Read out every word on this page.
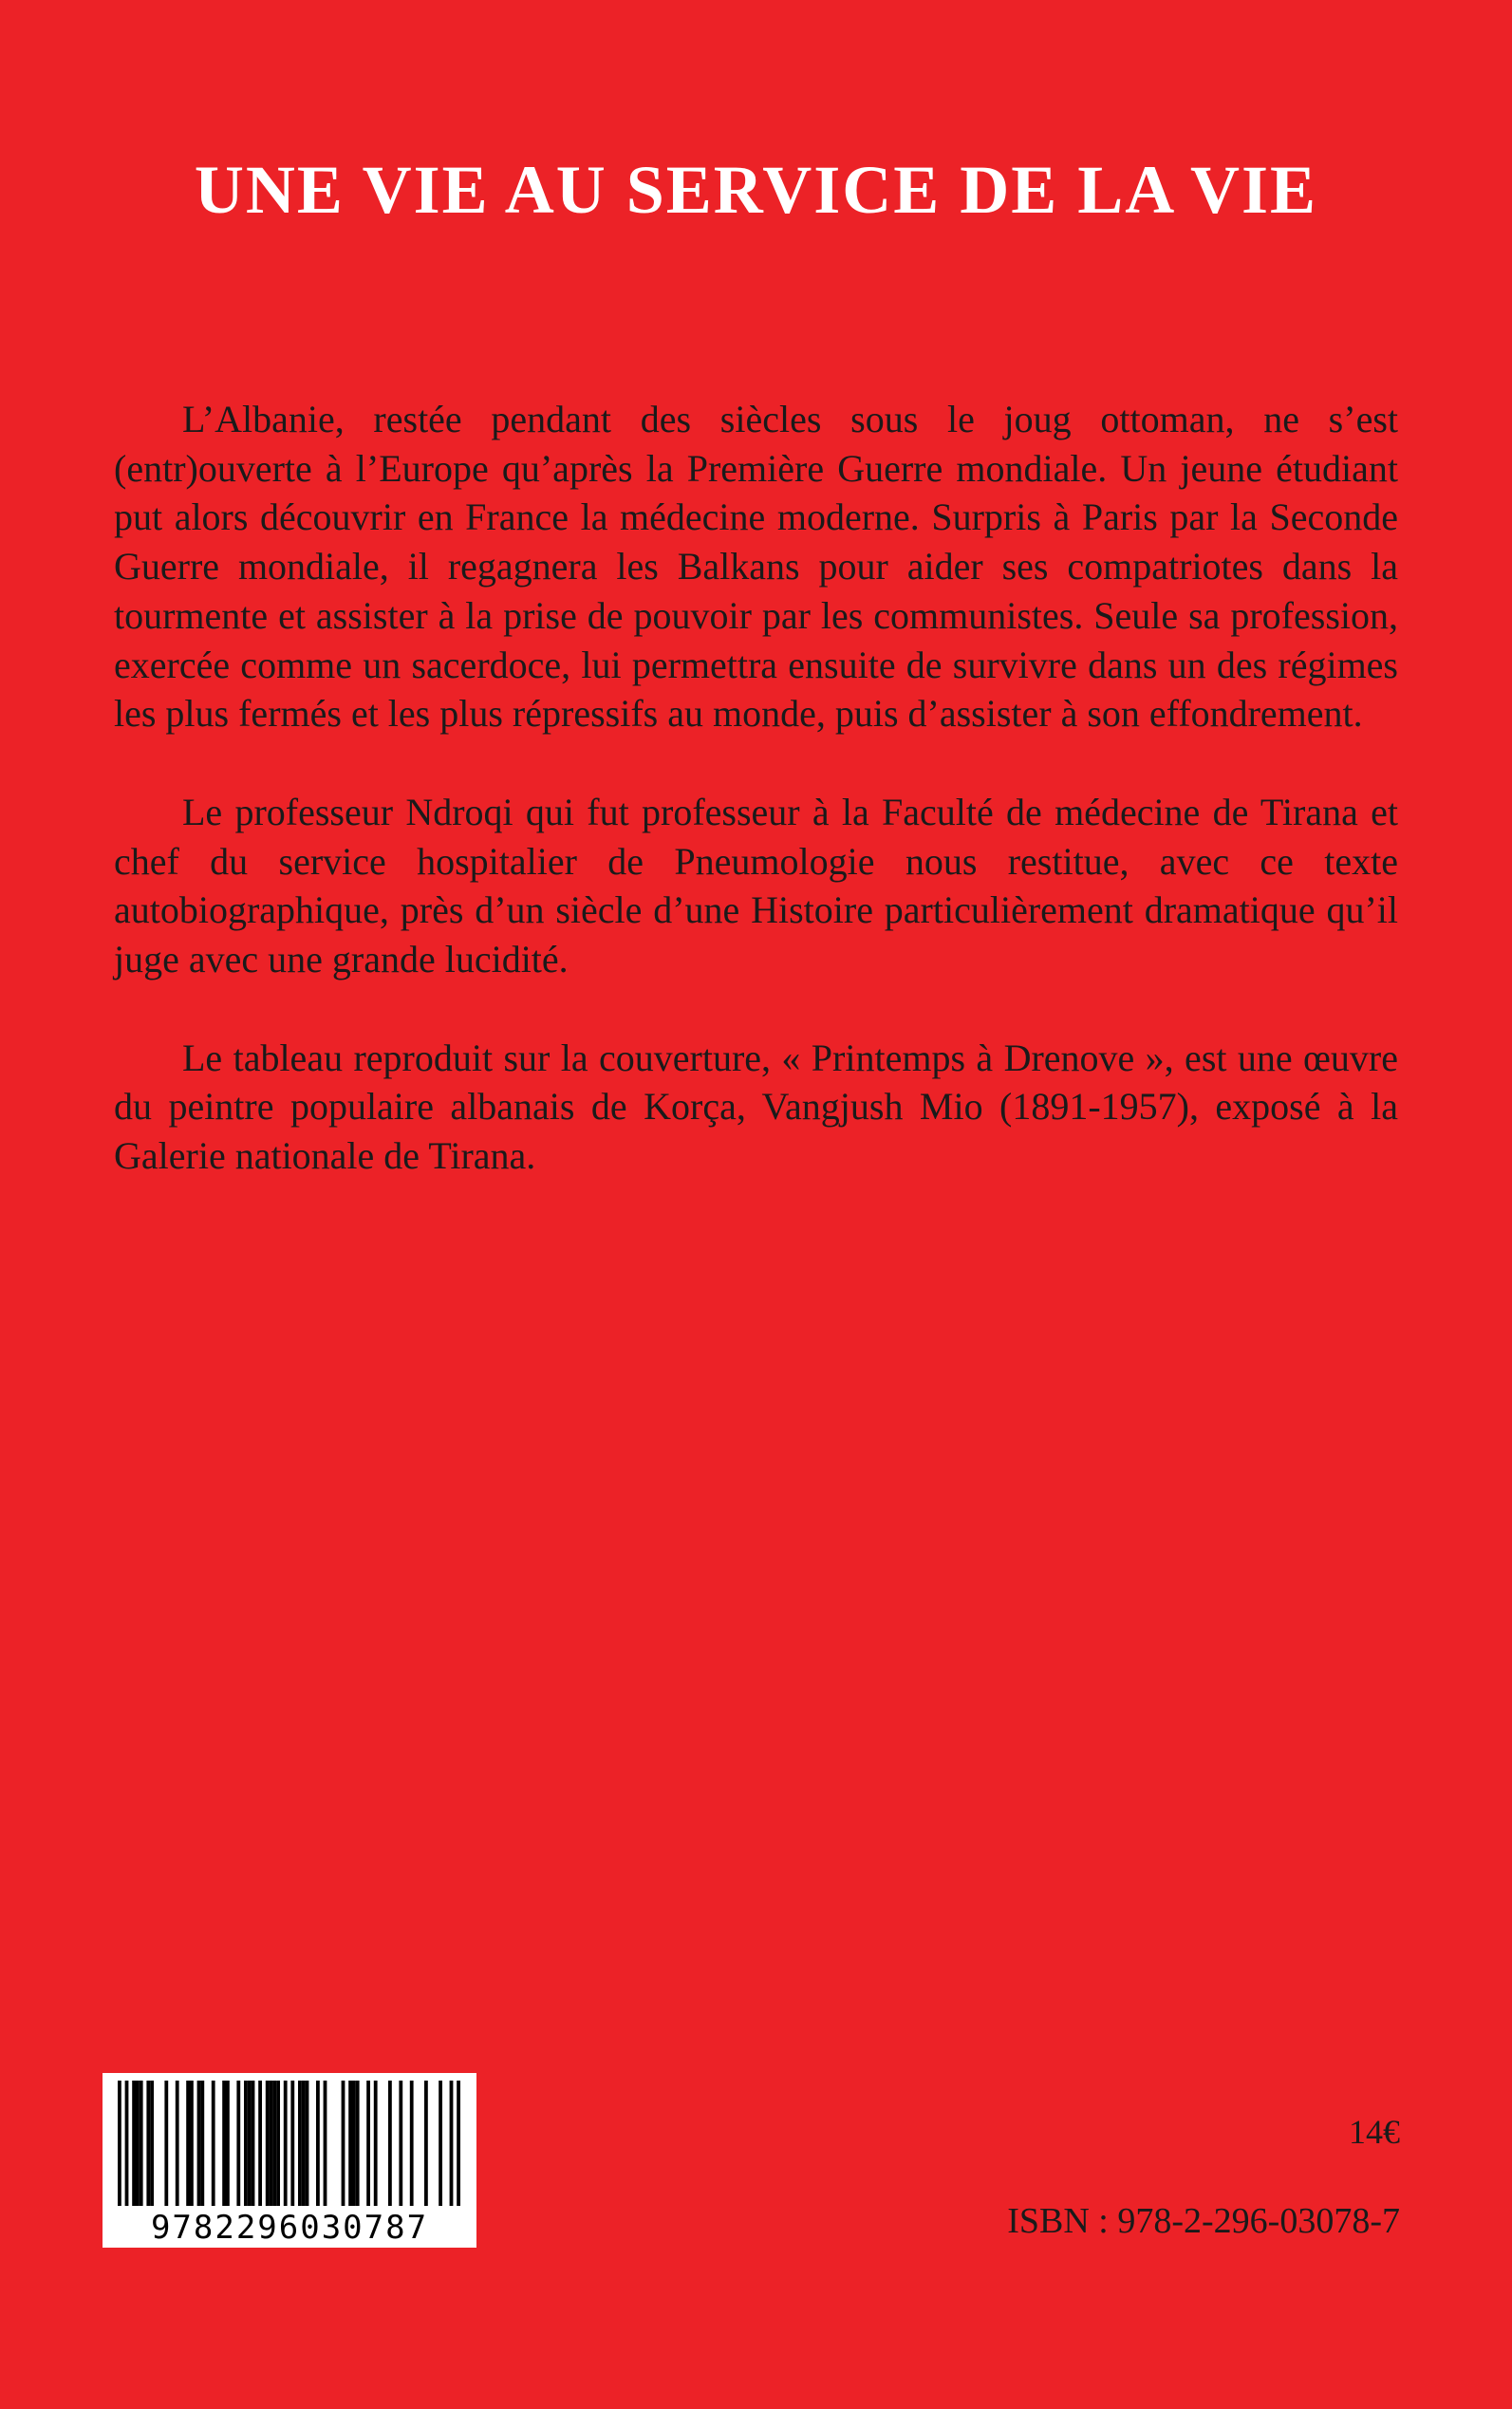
UNE VIE AU SERVICE DE LA VIE

L’Albanie, restée pendant des siècles sous le joug ottoman, ne s’est (entr)ouverte à l’Europe qu’après la Première Guerre mondiale. Un jeune étudiant put alors découvrir en France la médecine moderne. Surpris à Paris par la Seconde Guerre mondiale, il regagnera les Balkans pour aider ses compatriotes dans la tourmente et assister à la prise de pouvoir par les communistes. Seule sa profession, exercée comme un sacerdoce, lui permettra ensuite de survivre dans un des régimes les plus fermés et les plus répressifs au monde, puis d’assister à son effondrement.

Le professeur Ndroqi qui fut professeur à la Faculté de médecine de Tirana et chef du service hospitalier de Pneumologie nous restitue, avec ce texte autobiographique, près d’un siècle d’une Histoire particulièrement dramatique qu’il juge avec une grande lucidité.

Le tableau reproduit sur la couverture, « Printemps à Drenove », est une œuvre du peintre populaire albanais de Korça, Vangjush Mio (1891-1957), exposé à la Galerie nationale de Tirana.

9782296030787
14€
ISBN : 978-2-296-03078-7
